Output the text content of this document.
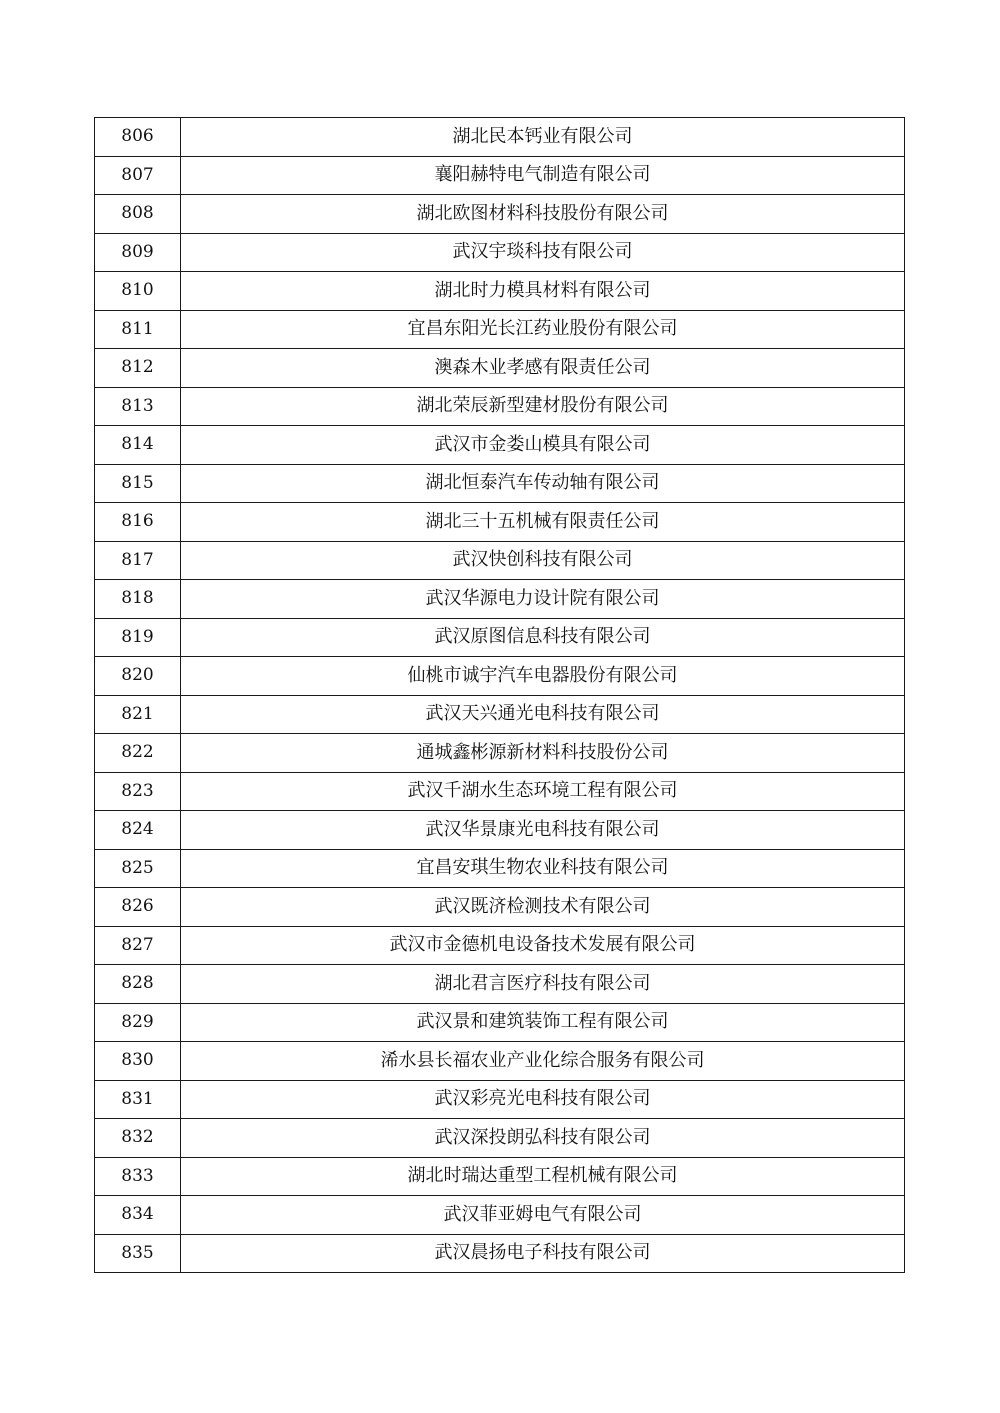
806	湖北民本钙业有限公司
807	襄阳赫特电气制造有限公司
808	湖北欧图材料科技股份有限公司
809	武汉宇琰科技有限公司
810	湖北时力模具材料有限公司
811	宜昌东阳光长江药业股份有限公司
812	澳森木业孝感有限责任公司
813	湖北荣辰新型建材股份有限公司
814	武汉市金娄山模具有限公司
815	湖北恒泰汽车传动轴有限公司
816	湖北三十五机械有限责任公司
817	武汉快创科技有限公司
818	武汉华源电力设计院有限公司
819	武汉原图信息科技有限公司
820	仙桃市诚宇汽车电器股份有限公司
821	武汉天兴通光电科技有限公司
822	通城鑫彬源新材料科技股份公司
823	武汉千湖水生态环境工程有限公司
824	武汉华景康光电科技有限公司
825	宜昌安琪生物农业科技有限公司
826	武汉既济检测技术有限公司
827	武汉市金德机电设备技术发展有限公司
828	湖北君言医疗科技有限公司
829	武汉景和建筑装饰工程有限公司
830	浠水县长福农业产业化综合服务有限公司
831	武汉彩亮光电科技有限公司
832	武汉深投朗弘科技有限公司
833	湖北时瑞达重型工程机械有限公司
834	武汉菲亚姆电气有限公司
835	武汉晨扬电子科技有限公司
